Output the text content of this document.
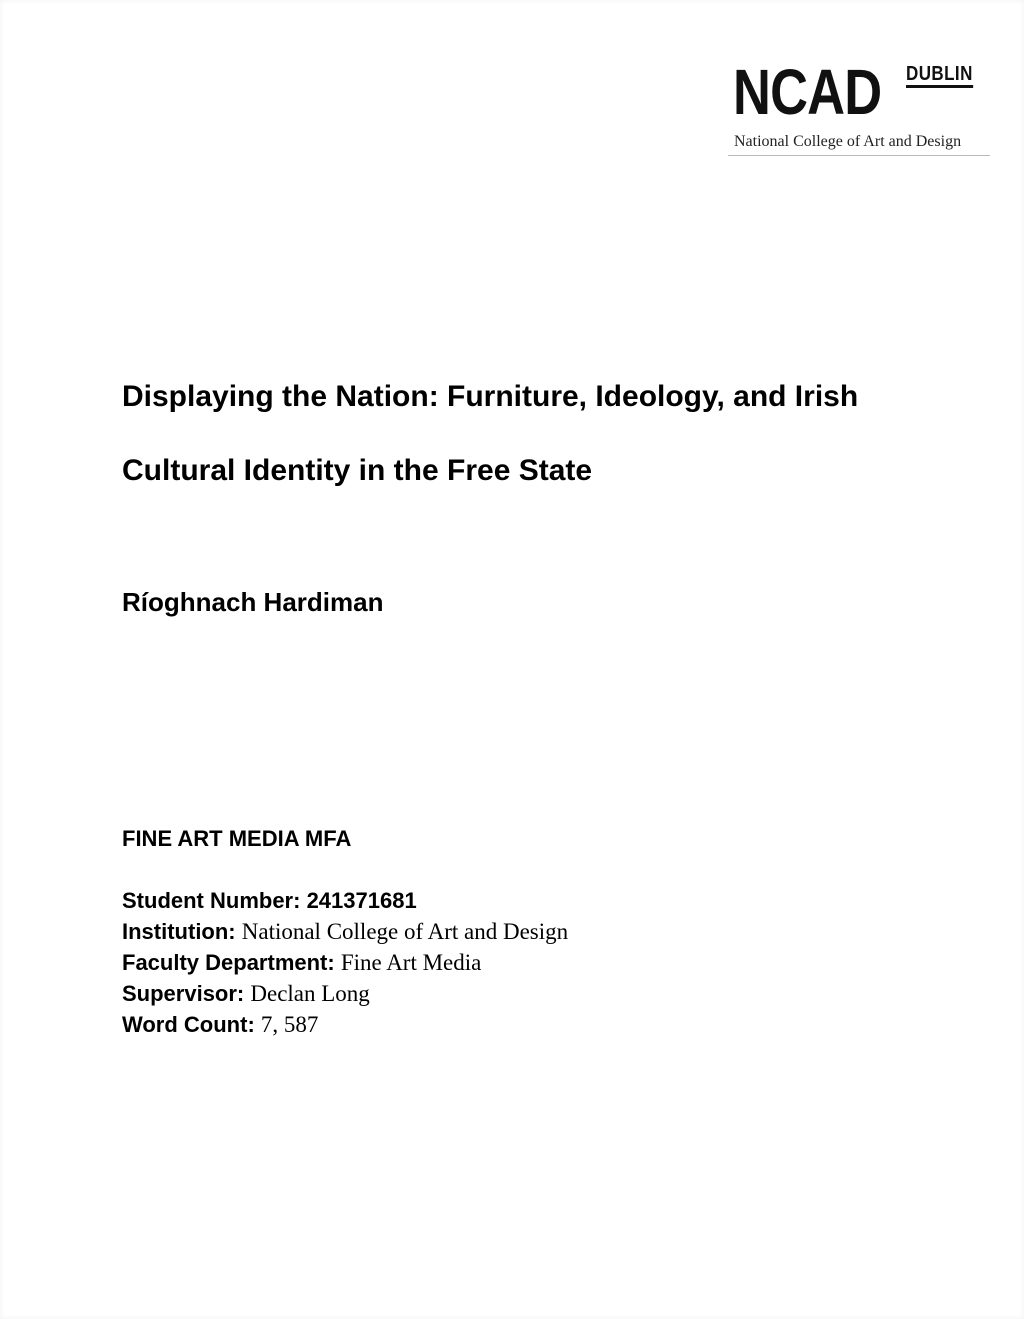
NCAD DUBLIN
National College of Art and Design
Displaying the Nation: Furniture, Ideology, and Irish
Cultural Identity in the Free State
Ríoghnach Hardiman
FINE ART MEDIA MFA
Student Number: 241371681
Institution: National College of Art and Design
Faculty Department: Fine Art Media
Supervisor: Declan Long
Word Count: 7, 587
